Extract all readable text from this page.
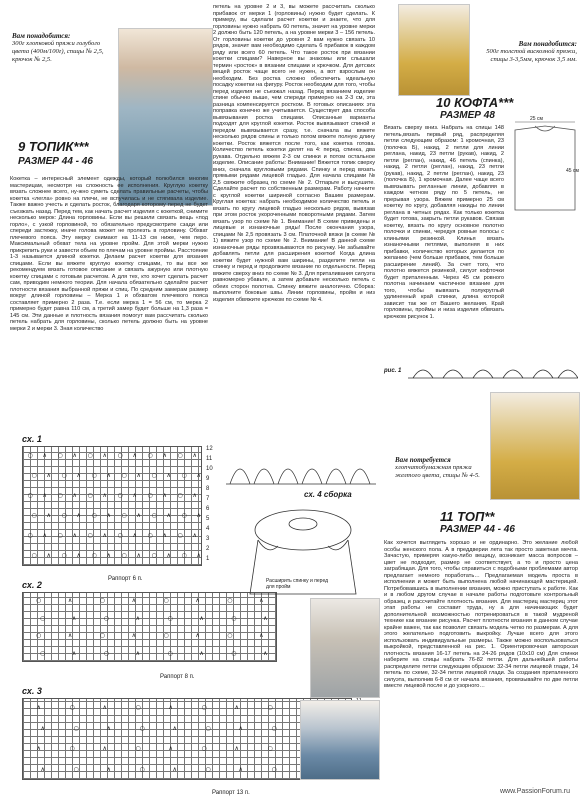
Вам понадобится:
300г хлопковой пряжи голубого цвета (400м/100г), спицы № 2,5, крючок № 2,5.
9 ТОПИК***
РАЗМЕР 44 - 46
Кокетка – интересный элемент одежды, который полюбился многим мастерицам, несмотря на сложность ее исполнения. Круглую кокетку вязать сложнее всего, ну-жно суметь сделать правильные расчеты, чтобы кокетка «легла» ровно на плечи, не вспучилась и не стягивала изделие. Также важно учесть и сделать росток, благодаря которому перед не будет съезжать назад. Перед тем, как начать расчет изделия с кокеткой, снимите несколько мерок: Длина горловины. Если вы решили связать вещь «под горло», с узкой горловиной, то обязательно предусмотрите сзади или спереди застежку, иначе голова может не пролезть в горловину. Обхват плечевого пояса. Эту мерку снимают на 11-13 см ниже, чем перо. Максимальный обхват тела на уровне пройм. Для этой мерки нужно прикрепить руки и завести объем по плечам на уровне проймы. Расстояние 1-3 называется длиной кокетки. Делаем расчет кокетки для вязания спицами. Если вы вяжете круглую кокетку спицами, то вы все же рекомендуем вязать готовое описание и связать ажурную или плотную кокетку спицами с готовым расчетом. А для тех, кто хочет сделать расчет сам, приводим немного теории. Для начала обязательно сделайте расчет плотности вязания выбранной пряжи и спиц. По средним замерам размер вокруг длиной горловины – Мерка 1 и обхватом плечевого пояса составляет примерно 2 раза. Т.е. если мерка 1 = 56 см, то мерка 2 примерно будет равна 110 см, а третий замер будет больше на 1,3 раза = 145 см. Эти данные и плотность вязания помогут вам рассчитать сколько петель набрать для горловины, сколько петель должно быть на уровне мерки 2 и мерки 3. Зная количество
петель на уровне 2 и 3, вы можете рассчитать сколько прибавок от мерки 1 (горловины) нужно будет сделать. К примеру, вы сделали расчет кокетки и знаете, что для горловины нужно набрать 60 петель, значит на уровне мерки 2 должно быть 120 петель, а на уровне мерки 3 – 156 петель. От горловины кокетки до уровня 2 вам нужно связать 10 рядов, значит вам необходимо сделать 6 прибавок в каждом ряду или всего 60 петель. Что такое росток при вязании кокетки спицами? Наверное вы знакомы или слышали термин «росток» в вязании спицами и крючком. Для детских вещей росток чаще всего не нужен, а вот взрослым он необходим. Без ростка сложно обеспечить идеальную посадку кокетки на фигуру. Росток необходим для того, чтобы перед изделия не съезжал назад. Перед вязанием изделие спине обычно выше, чем спереди примерно на 2-3 см, эта разница компенсируется ростком. В готовых описаниях эта поправка конечно же учитывается. Существует два способа вывязывания ростка спицами. Описанные варианты подходят для круглой кокетки. Росток вывязывают спиной и передом вывязывается сразу, т.е. сначала вы вяжете несколько рядов спины и только потом вяжете полную длину кокетки. Росток вяжется после того, как кокетка готова. Количество петель кокетки делят на 4: перед, спинка, два рукава. Отдельно вяжем 2-3 см спинки и потом остальное изделие. Описание работы: Внимание! Вяжется топик сверху вниз, сначала кругловыми рядами. Спинку и перед вязать прямыми рядами лицевой гладью. Для начала спицами № 2,5 свяжите образец по схеме № 2. Отпарьте и высушите. Сделайте расчет по собственным размерам. Работу начните с круглой кокетки шириной согласно Вашим размерам. Круглая кокетка: набрать необходимое количество петель и вязать по кругу лицевой гладью несколько рядов, вывязав при этом росток укороченными поворотными рядами. Затем вязать узор по схеме № 1. Внимание! В схеме приведены и лицевые и изнаночные ряды! После окончания узора, спицами № 2,5 провязать 3 см. Платочной вязки (в схеме № 1) вяжите узор по схеме № 2. Внимание! В данной схеме изнаночные ряды прозвязываются по рисунку. Не забывайте добавлять петли для расширения кокетки! Когда длина кокетки будет нужной вам ширины, разделите петли на спинку и перед и продолжите вязание по отдельности. Перед вяжите сверху вниз по схеме № 3. Для приталивания силуэта равномерно убавьте, а затем добавьте несколько петель с обеих сторон полотна. Спинку вяжите аналогично. Сборка: выполните боковые швы. Линии горловины, пройм и низ изделия обвяжите крючком по схеме № 4.
Вам понадобится:
500г толстой вискозной пряжи, спицы 3-3,5мм, крючок 3,5 мм.
10 КОФТА***
РАЗМЕР 48	25 см
45 см
Вязать сверху вниз. Набрать на спицы 148 петель,вязать первый ряд, распределяя петли следующим образом: 1 кромочная, 23 (полочка Б), накид, 2 петли для линии реглана, накид, 23 петли (рукав), накид, 2 петли (реглан), накид, 46 петель (спинка), накид, 2 петли (реглан), накид, 23 петли (рукав), накид, 2 петли (реглан), накид, 23 (полочка Б), 1 кромочная. Далее чаще всего вывязывать регланные линии, добавляя в каждом четном ряду по 5 петель, не прерывая узора. Вяжем примерно 25 см кокетку по кругу, добавляя накиды по линии реглана в четных рядах. Как только кокетка будет готова, закрыть петли рукавов. Связав кокетку, вязать по кругу основное полотно полочки и спинки, чередуя ровные полосы с клиньями резинкой. Клинья вязать изнаночными петлями, выполняя в них прибавки, количество которых делается по желанию (чем больше прибавок, тем больше расширение линий). За счет того, что полотно вяжется резинкой, силуэт кофточки будет приталенным. Через 45 см ровного полотна начинаем частичное вязание для того, чтобы вывязать полукруглый удлиненный край спинки, длина которой зависит так же от Вашего желания. Край горловины, проймы и низа изделия обвязать крючком рисунок 1.
рис. 1
Вам потребуется
хлопчатобумажная пряжа желтого цвета, спицы № 4-5.
11 ТОП**
РАЗМЕР 44 - 46
Как хочется выглядеть хорошо и не ординарно. Это желание любой особы женского пола. А в преддверии лета так просто заветная мечта. Зачастую, примеряя какую-либо вещицу, возникает масса вопросов – цвет не подходит, размер не соответствует, а то и просто цена заграбящая. Для того, чтобы справиться с подобными проблемами автор предлагает немного поработать… Предлагаемая модель проста в исполнении и может быть выполнена любой начинающей мастерицей. Потребовавшись в выполнении вязания, можно приступать к работе. Как и в любом другом случае в начале работы подготовьте контрольный образец и рассчитайте плотность вязания. Для мастериц мастериц этот этап работы не составит труда, ну а для начинающих будет дополнительной возможностью потренироваться в такой мудреной технике как вязание рисунка. Расчет плотности вязания в данном случае крайне важен, так как позволит связать модель четко по размерам. А для этого желательно подготовить выкройку. Лучше всего для этого использовать индивидуальные размеры. Также можно воспользоваться выкройкой, представленной на рис. 1. Ориентировочная авторская плотность вязания 16-17 петель на 24-26 рядов (10х10 см) Для спинки наберите на спицы набрать 76-82 петли. Для дальнейшей работы распределите петли следующим образом: 32-34 петли лицевой глади, 14 петель по схеме, 32-34 петли лицевой глади. За создания приталенного силуэта, выполнив 6-8 см от начала вязания, провязывайте по две петли вместе лицевой после и до узорного…
сх. 1
○ ∧ ○ ∧ ○ ∧ ○ ∧ ○ ∧ ○ ∧
○ ∧ ○ ∧ ○ ∧ ○ ∧ ○ ∧ ○ ∧
○ ∧ ○ ∧ ○ ∧ ○ ∧ ○ ∧ ○ ∧
○ ∧ ○ ∧ ○ ∧ ○ ∧ ○ ∧ ○ ∧
○ ∧ ○ ∧ ○ ∧ ○ ∧ ○ ∧ ○ ∧
○ ∧ ○ ∧ ○ ∧ ○ ∧ ○ ∧ ○ ∧
12
11
10
9
8
7
6
5
4
3
2
1
Раппорт 6 п.
сх. 2
○	∧	○	∧	○	∧	○	∧
○	∧	○	∧	○	∧	○	∧
○	∧	○	∧	○	∧	○	∧
○	∧	○	∧	○	∧	○	∧
Раппорт 8 п.
сх. 3
∧	○	∧	○	∧	○	∧	○
∧	○	∧	○	∧	○	∧	○
∧	○	∧	○	∧	○	∧	○
∧	○	∧	○	∧	○	∧	○
Раппорт 13 п.
сх. 4 сборка
Расширить спинку и перед для пройм
www.PassionForum.ru
